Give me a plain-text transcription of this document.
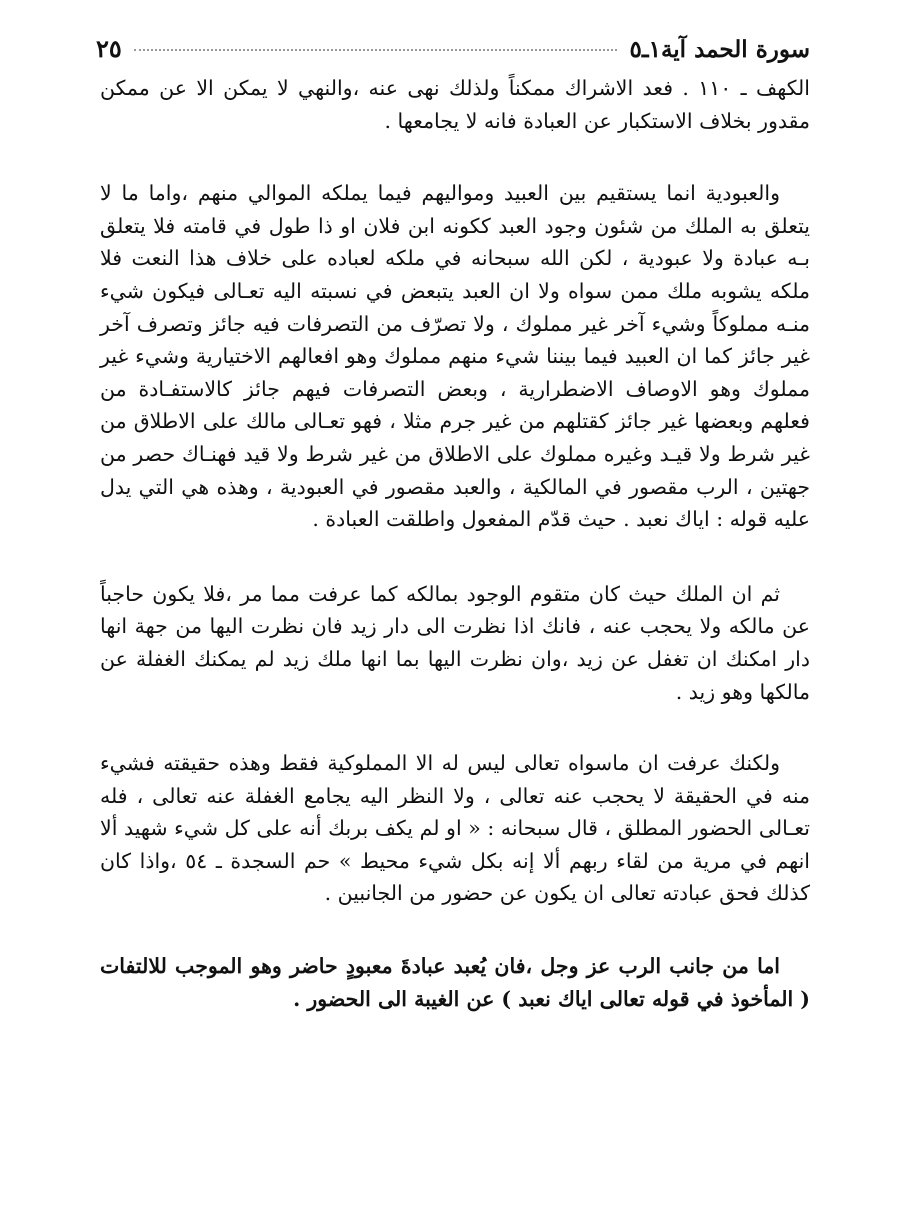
سورة الحمد آية١ـ٥
٢٥

الكهف ـ ١١٠ . فعد الاشراك ممكناً ولذلك نهى عنه ،والنهي لا يمكن الا عن ممكن مقدور بخلاف الاستكبار عن العبادة فانه لا يجامعها .

والعبودية انما يستقيم بين العبيد ومواليهم فيما يملكه الموالي منهم ،واما ما لا يتعلق به الملك من شئون وجود العبد ككونه ابن فلان او ذا طول في قامته فلا يتعلق بـه عبادة ولا عبودية ، لكن الله سبحانه في ملكه لعباده على خلاف هذا النعت فلا ملكه يشوبه ملك ممن سواه ولا ان العبد يتبعض في نسبته اليه تعـالى فيكون شيء منـه مملوكاً وشيء آخر غير مملوك ، ولا تصرّف من التصرفات فيه جائز وتصرف آخر غير جائز كما ان العبيد فيما بيننا شيء منهم مملوك وهو افعالهم الاختيارية وشيء غير مملوك وهو الاوصاف الاضطرارية ، وبعض التصرفات فيهم جائز كالاستفـادة من فعلهم وبعضها غير جائز كقتلهم من غير جرم مثلا ، فهو تعـالى مالك على الاطلاق من غير شرط ولا قيـد وغيره مملوك على الاطلاق من غير شرط ولا قيد فهنـاك حصر من جهتين ، الرب مقصور في المالكية ، والعبد مقصور في العبودية ، وهذه هي التي يدل عليه قوله : اياك نعبد . حيث قدّم المفعول واطلقت العبادة .

ثم ان الملك حيث كان متقوم الوجود بمالكه كما عرفت مما مر ،فلا يكون حاجباً عن مالكه ولا يحجب عنه ، فانك اذا نظرت الى دار زيد فان نظرت اليها من جهة انها دار امكنك ان تغفل عن زيد ،وان نظرت اليها بما انها ملك زيد لم يمكنك الغفلة عن مالكها وهو زيد .

ولكنك عرفت ان ماسواه تعالى ليس له الا المملوكية فقط وهذه حقيقته فشيء منه في الحقيقة لا يحجب عنه تعالى ، ولا النظر اليه يجامع الغفلة عنه تعالى ، فله تعـالى الحضور المطلق ، قال سبحانه : « او لم يكف بربك أنه على كل شيء شهيد ألا انهم في مرية من لقاء ربهم ألا إنه بكل شيء محيط » حم السجدة ـ ٥٤ ،واذا كان كذلك فحق عبادته تعالى ان يكون عن حضور من الجانبين .

اما من جانب الرب عز وجل ،فان يُعبد عبادةَ معبودٍ حاضر وهو الموجب للالتفات ( المأخوذ في قوله تعالى اياك نعبد ) عن الغيبة الى الحضور .
